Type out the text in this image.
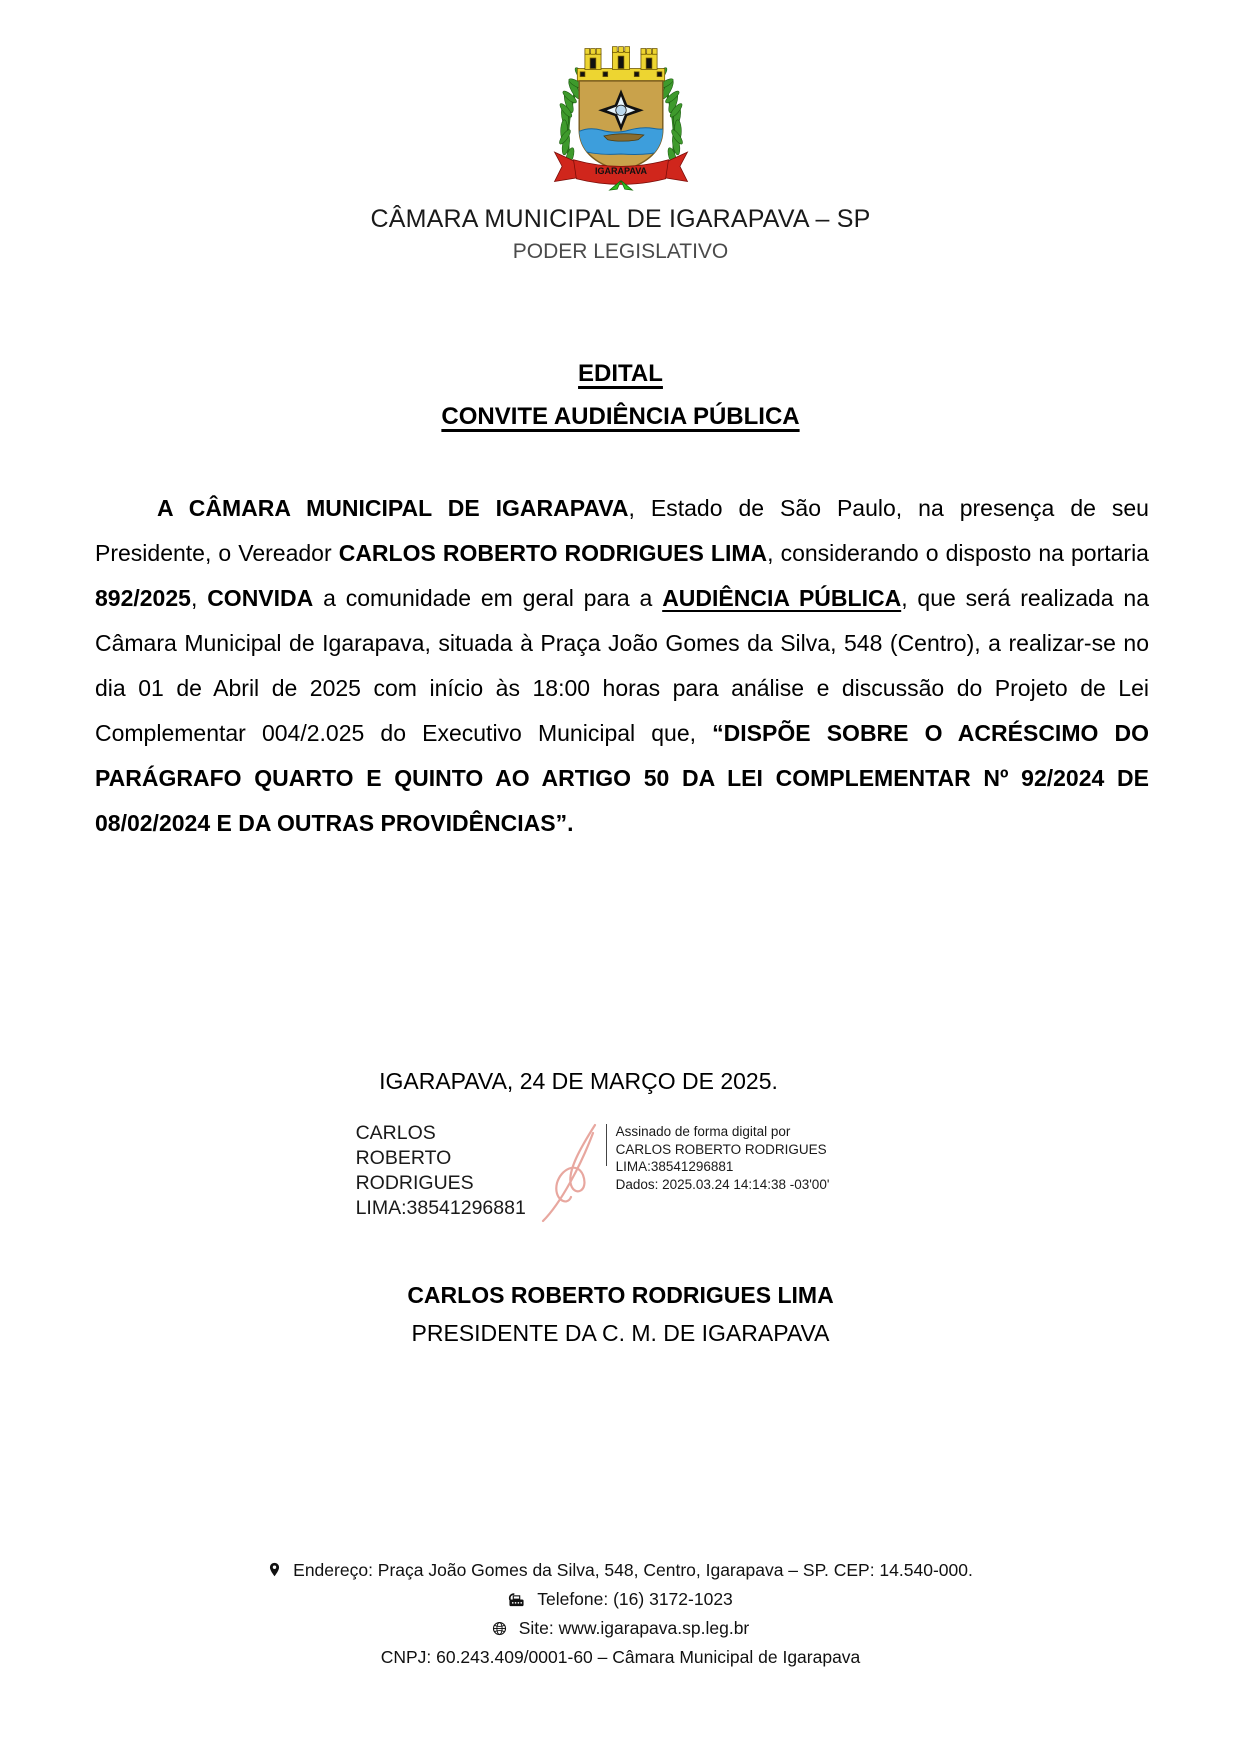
IGARAPAVA
CÂMARA MUNICIPAL DE IGARAPAVA – SP
PODER LEGISLATIVO
EDITAL
CONVITE AUDIÊNCIA PÚBLICA

A CÂMARA MUNICIPAL DE IGARAPAVA, Estado de São Paulo, na presença de seu Presidente, o Vereador CARLOS ROBERTO RODRIGUES LIMA, considerando o disposto na portaria 892/2025, CONVIDA a comunidade em geral para a AUDIÊNCIA PÚBLICA, que será realizada na Câmara Municipal de Igarapava, situada à Praça João Gomes da Silva, 548 (Centro), a realizar-se no dia 01 de Abril de 2025 com início às 18:00 horas para análise e discussão do Projeto de Lei Complementar 004/2.025 do Executivo Municipal que, “DISPÕE SOBRE O ACRÉSCIMO DO PARÁGRAFO QUARTO E QUINTO AO ARTIGO 50 DA LEI COMPLEMENTAR Nº 92/2024 DE 08/02/2024 E DA OUTRAS PROVIDÊNCIAS”.

IGARAPAVA, 24 DE MARÇO DE 2025.
CARLOS ROBERTO
RODRIGUES
LIMA:38541296881
Assinado de forma digital por
CARLOS ROBERTO RODRIGUES
LIMA:38541296881
Dados: 2025.03.24 14:14:38 -03'00'
CARLOS ROBERTO RODRIGUES LIMA
PRESIDENTE DA C. M. DE IGARAPAVA
Endereço: Praça João Gomes da Silva, 548, Centro, Igarapava – SP. CEP: 14.540-000.
Telefone: (16) 3172-1023
Site: www.igarapava.sp.leg.br
CNPJ: 60.243.409/0001-60 – Câmara Municipal de Igarapava
